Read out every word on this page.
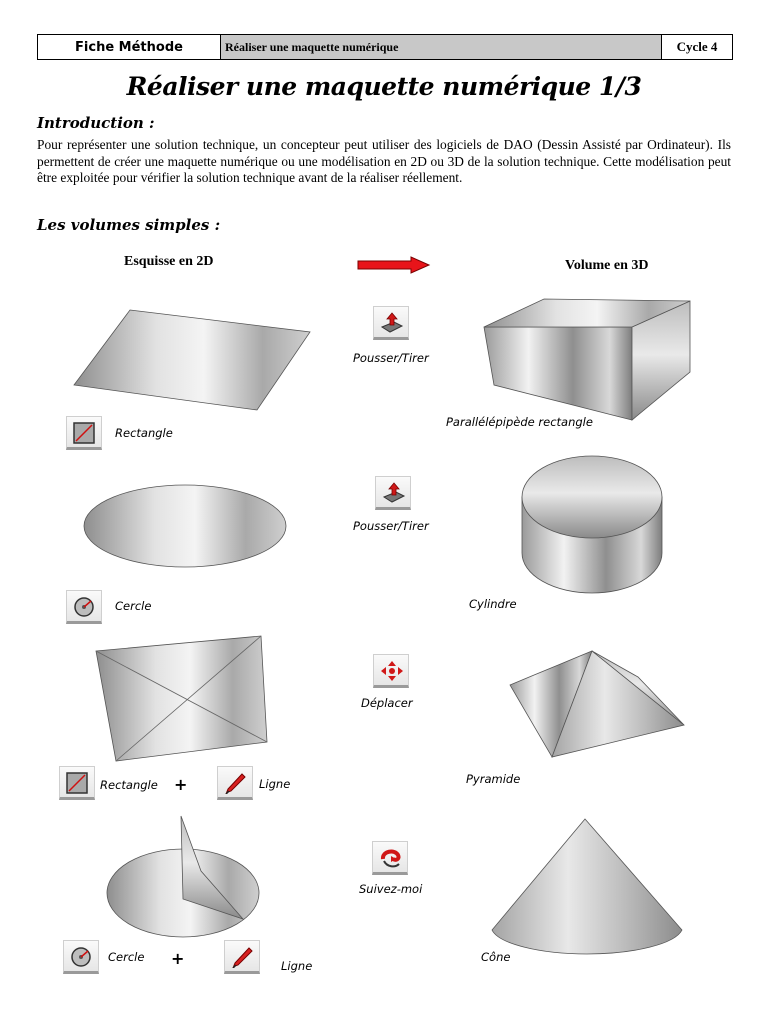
Fiche Méthode	Réaliser une maquette numérique	Cycle 4
Réaliser une maquette numérique 1/3
Introduction :
Pour représenter une solution technique, un concepteur peut utiliser des logiciels de DAO (Dessin Assisté par Ordinateur). Ils permettent de créer une maquette numérique ou une modélisation en 2D ou 3D de la solution technique. Cette modélisation peut être exploitée pour vérifier la solution technique avant de la réaliser réellement.
Les volumes simples :
Esquisse en 2D	Volume en 3D
Rectangle
Pousser/Tirer
Parallélépipède rectangle
Cercle
Pousser/Tirer
Cylindre
Rectangle +	Ligne
Déplacer
Pyramide
Cercle +	Ligne
Suivez-moi
Cône
